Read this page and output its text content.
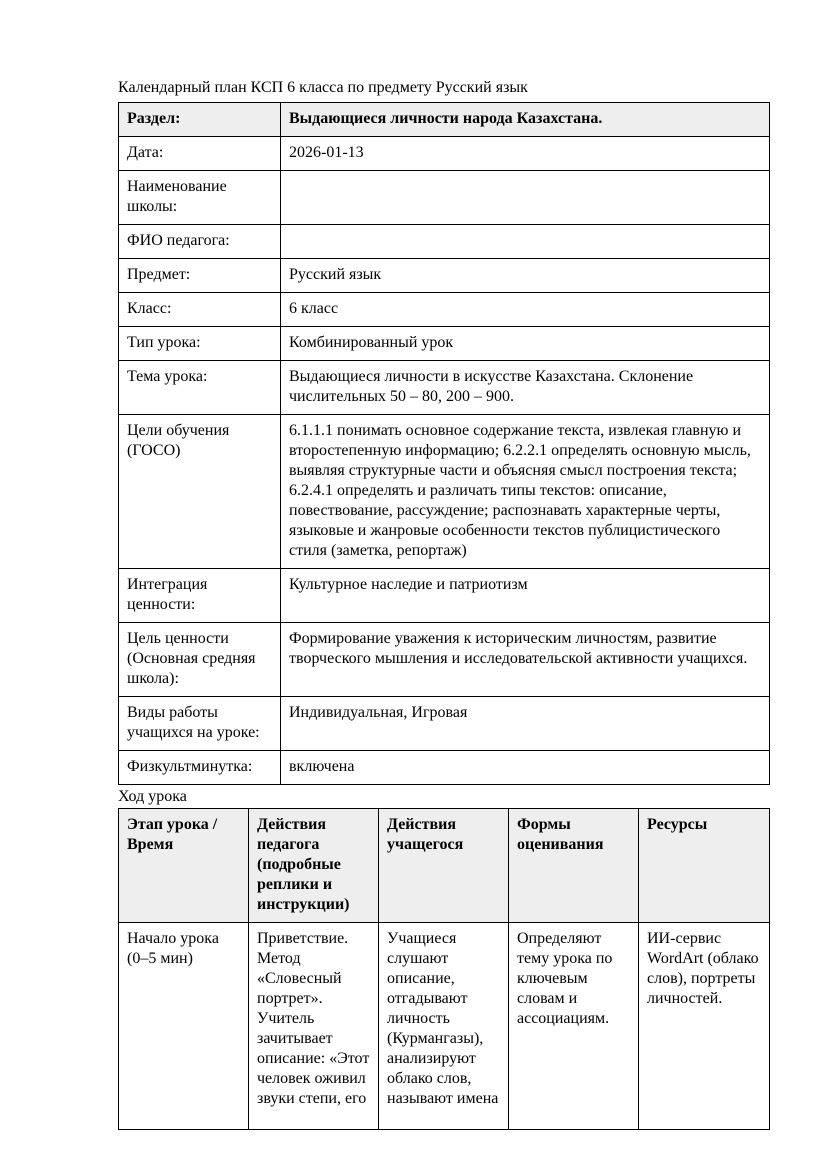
Календарный план КСП 6 класса по предмету Русский язык
Раздел:	Выдающиеся личности народа Казахстана.
Дата:	2026-01-13
Наименование школы:	
ФИО педагога:	
Предмет:	Русский язык
Класс:	6 класс
Тип урока:	Комбинированный урок
Тема урока:	Выдающиеся личности в искусстве Казахстана. Склонение числительных 50 – 80, 200 – 900.
Цели обучения (ГОСО)	6.1.1.1 понимать основное содержание текста, извлекая главную и второстепенную информацию; 6.2.2.1 определять основную мысль, выявляя структурные части и объясняя смысл построения текста; 6.2.4.1 определять и различать типы текстов: описание, повествование, рассуждение; распознавать характерные черты, языковые и жанровые особенности текстов публицистического стиля (заметка, репортаж)
Интеграция ценности:	Культурное наследие и патриотизм
Цель ценности (Основная средняя школа):	Формирование уважения к историческим личностям, развитие творческого мышления и исследовательской активности учащихся.
Виды работы учащихся на уроке:	Индивидуальная, Игровая
Физкультминутка:	включена
Ход урока
Этап урока / Время	Действия педагога (подробные реплики и инструкции)	Действия учащегося	Формы оценивания	Ресурсы
Начало урока (0–5 мин)	Приветствие. Метод «Словесный портрет». Учитель зачитывает описание: «Этот человек оживил звуки степи, его	Учащиеся слушают описание, отгадывают личность (Курмангазы), анализируют облако слов, называют имена	Определяют тему урока по ключевым словам и ассоциациям.	ИИ-сервис WordArt (облако слов), портреты личностей.
